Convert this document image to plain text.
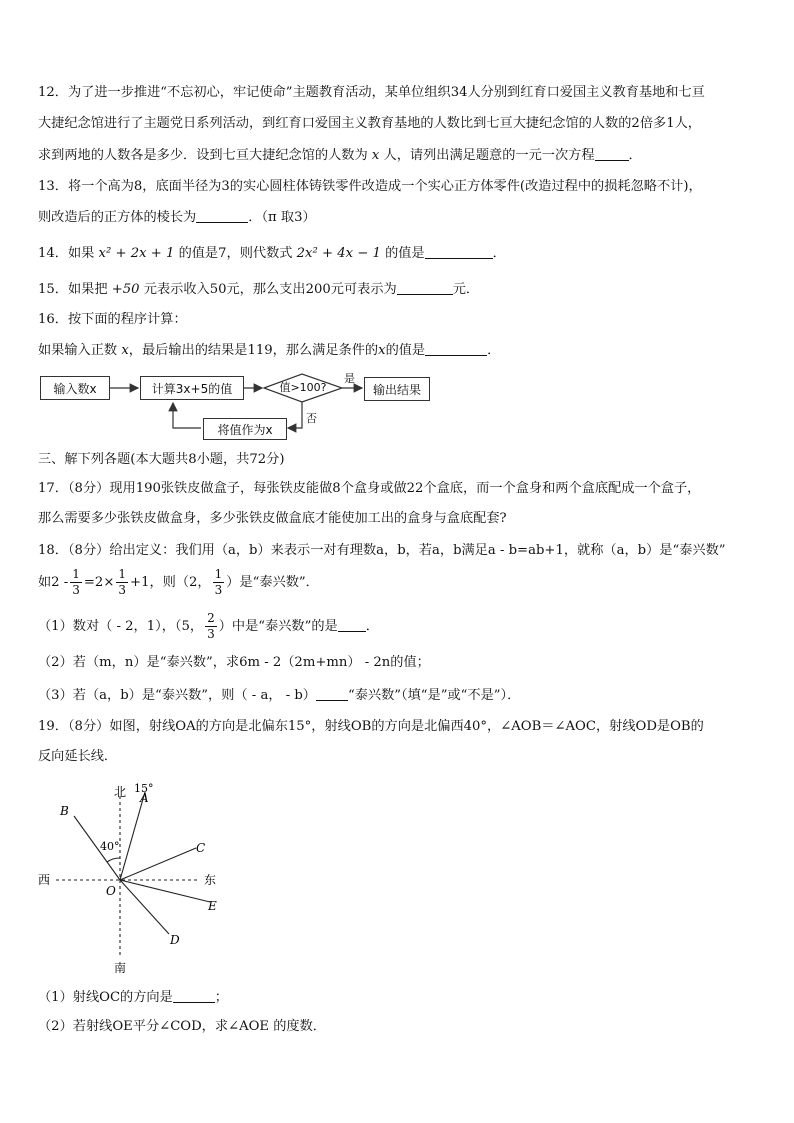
12．为了进一步推进“不忘初心，牢记使命”主题教育活动，某单位组织34人分别到红育口爱国主义教育基地和七亘
大捷纪念馆进行了主题党日系列活动，到红育口爱国主义教育基地的人数比到七亘大捷纪念馆的人数的2倍多1人，
求到两地的人数各是多少．设到七亘大捷纪念馆的人数为 x 人，请列出满足题意的一元一次方程	．
13．将一个高为8，底面半径为3的实心圆柱体铸铁零件改造成一个实心正方体零件(改造过程中的损耗忽略不计)，
则改造后的正方体的棱长为	．（π 取3）
14．如果 x² + 2x + 1 的值是7，则代数式 2x² + 4x − 1 的值是	．
15．如果把 +50 元表示收入50元，那么支出200元可表示为	元．
16．按下面的程序计算：
如果输入正数 x，最后输出的结果是119，那么满足条件的x的值是	．
输入数x	计算3x+5的值	值>100?
是
否
输出结果
将值作为x
三、解下列各题(本大题共8小题，共72分)
17．（8分）现用190张铁皮做盒子，每张铁皮能做8个盒身或做22个盒底，而一个盒身和两个盒底配成一个盒子，
那么需要多少张铁皮做盒身，多少张铁皮做盒底才能使加工出的盒身与盒底配套?
18．（8分）给出定义：我们用（a，b）来表示一对有理数a，b，若a，b满足a - b=ab+1，就称（a，b）是“泰兴数”
如$2 - \frac{1}{3} =2\times \frac{1}{3} +1$，则（2， $\frac{1}{3}$ ）是“泰兴数”．
（1）数对（ - 2，1），（5， $\frac{2}{3}$ ）中是“泰兴数”的是 ．
（2）若（m，n）是“泰兴数”，求6m - 2（2m+mn） - 2n的值；
（3）若（a，b）是“泰兴数”，则（ - a， - b） “泰兴数”（填“是”或“不是”）．
19．（8分）如图，射线OA的方向是北偏东15°，射线OB的方向是北偏西40°，∠AOB＝∠AOC，射线OD是OB的
反向延长线．
北 15°
A
B
40°	C
西	东
O
E
D
南
（1）射线OC的方向是	；
（2）若射线OE平分∠COD，求∠AOE 的度数．
